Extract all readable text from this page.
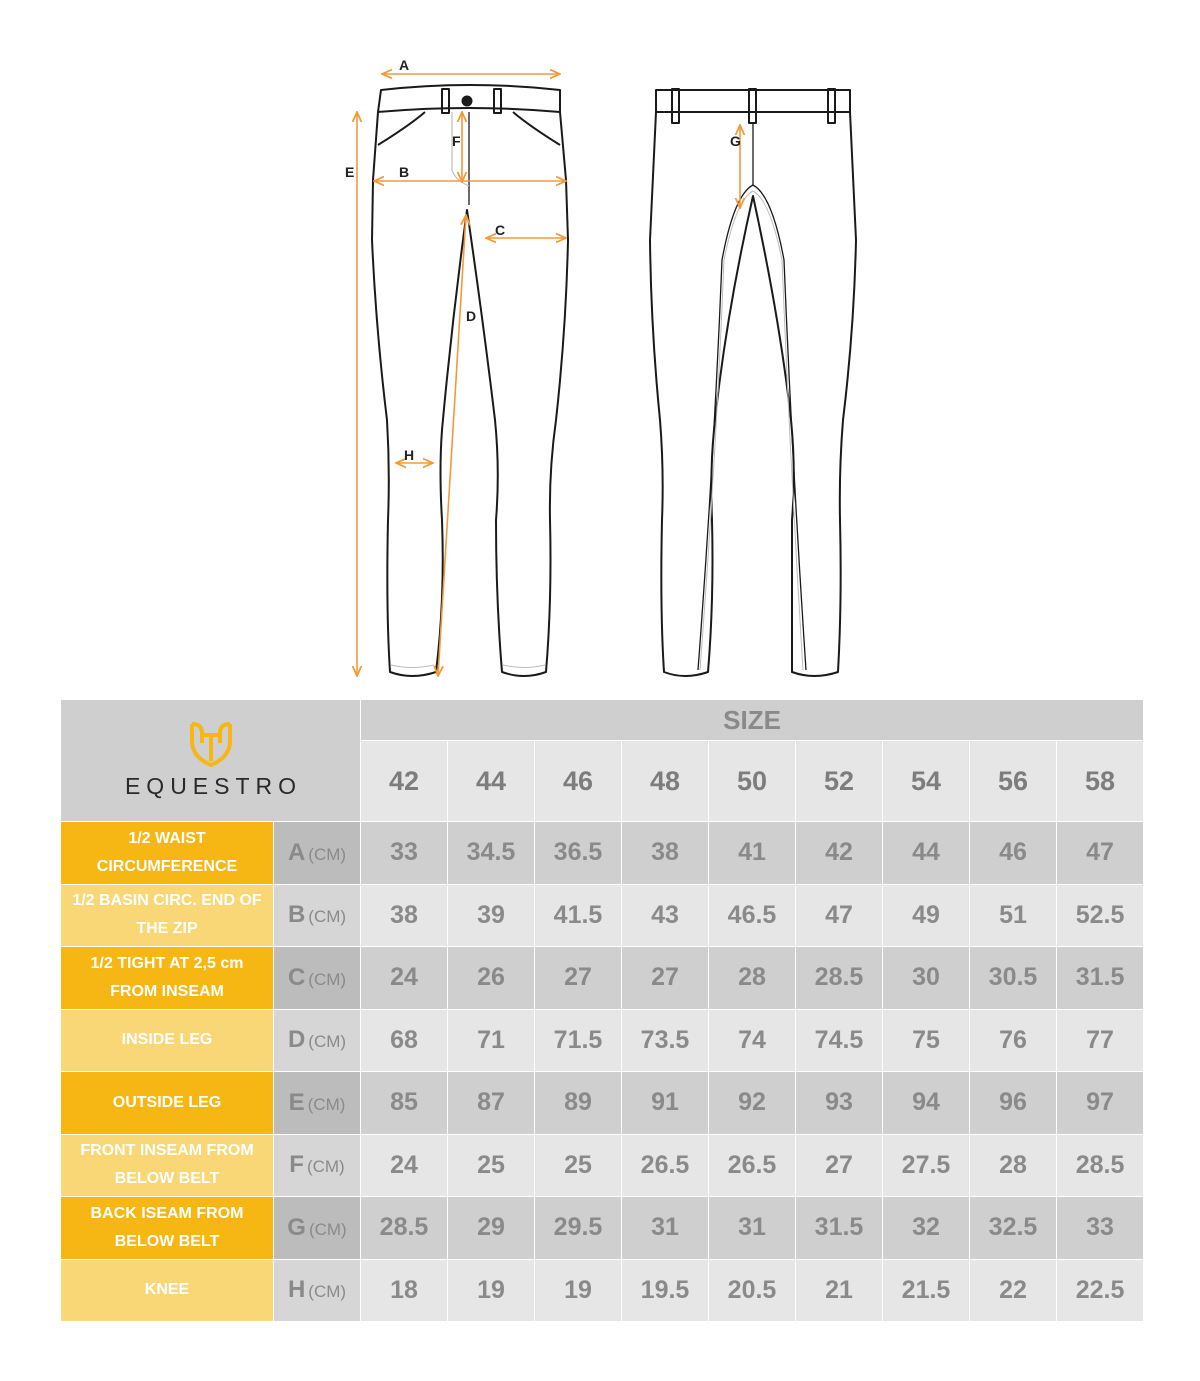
A
B
C
D
E
F
H
G
EQUESTRO		SIZE								
		42	44	46	48	50	52	54	56	58
1/2 WAIST CIRCUMFERENCE	A (CM)	33	34.5	36.5	38	41	42	44	46	47
1/2 BASIN CIRC. END OF THE ZIP	B (CM)	38	39	41.5	43	46.5	47	49	51	52.5
1/2 TIGHT AT 2,5 cm FROM INSEAM	C (CM)	24	26	27	27	28	28.5	30	30.5	31.5
INSIDE LEG	D (CM)	68	71	71.5	73.5	74	74.5	75	76	77
OUTSIDE LEG	E (CM)	85	87	89	91	92	93	94	96	97
FRONT INSEAM FROM BELOW BELT	F (CM)	24	25	25	26.5	26.5	27	27.5	28	28.5
BACK ISEAM FROM BELOW BELT	G (CM)	28.5	29	29.5	31	31	31.5	32	32.5	33
KNEE	H (CM)	18	19	19	19.5	20.5	21	21.5	22	22.5
